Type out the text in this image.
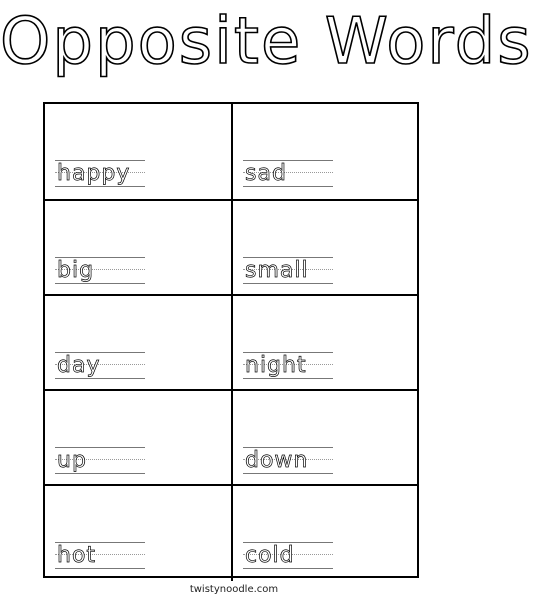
Opposite Words
happy	sad
big	small
day	night
up	down
hot	cold
twistynoodle.com
